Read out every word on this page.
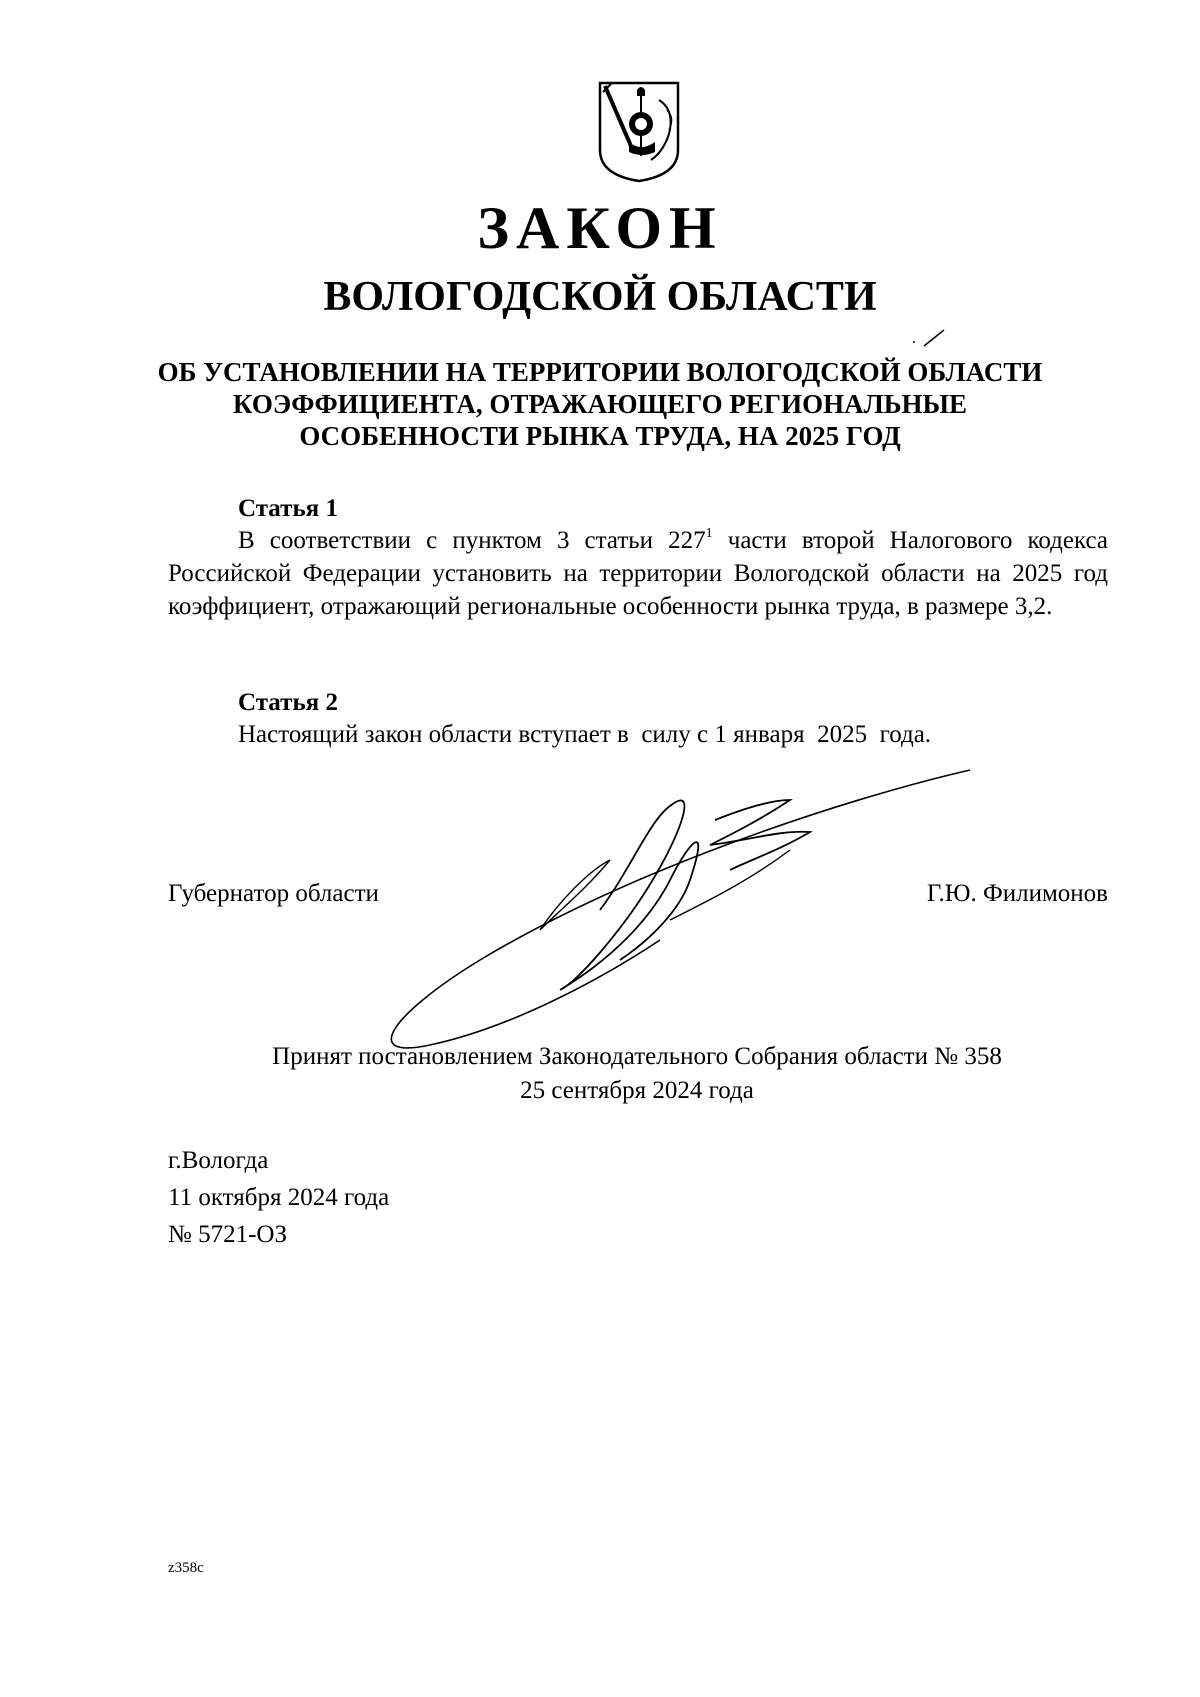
ЗАКОН
ВОЛОГОДСКОЙ ОБЛАСТИ
ОБ УСТАНОВЛЕНИИ НА ТЕРРИТОРИИ ВОЛОГОДСКОЙ ОБЛАСТИ
КОЭФФИЦИЕНТА, ОТРАЖАЮЩЕГО РЕГИОНАЛЬНЫЕ
ОСОБЕННОСТИ РЫНКА ТРУДА, НА 2025 ГОД
Статья 1
В соответствии с пунктом 3 статьи $227^1$ части второй Налогового кодекса Российской Федерации установить на территории Вологодской области на 2025 год коэффициент, отражающий региональные особенности рынка труда, в размере 3,2.
Статья 2
Настоящий закон области вступает в  силу с 1 января  2025  года.
Губернатор области	Г.Ю. Филимонов
Принят постановлением Законодательного Собрания области № 358
25 сентября 2024 года
г.Вологда
11 октября 2024 года
№ 5721-ОЗ
z358c
